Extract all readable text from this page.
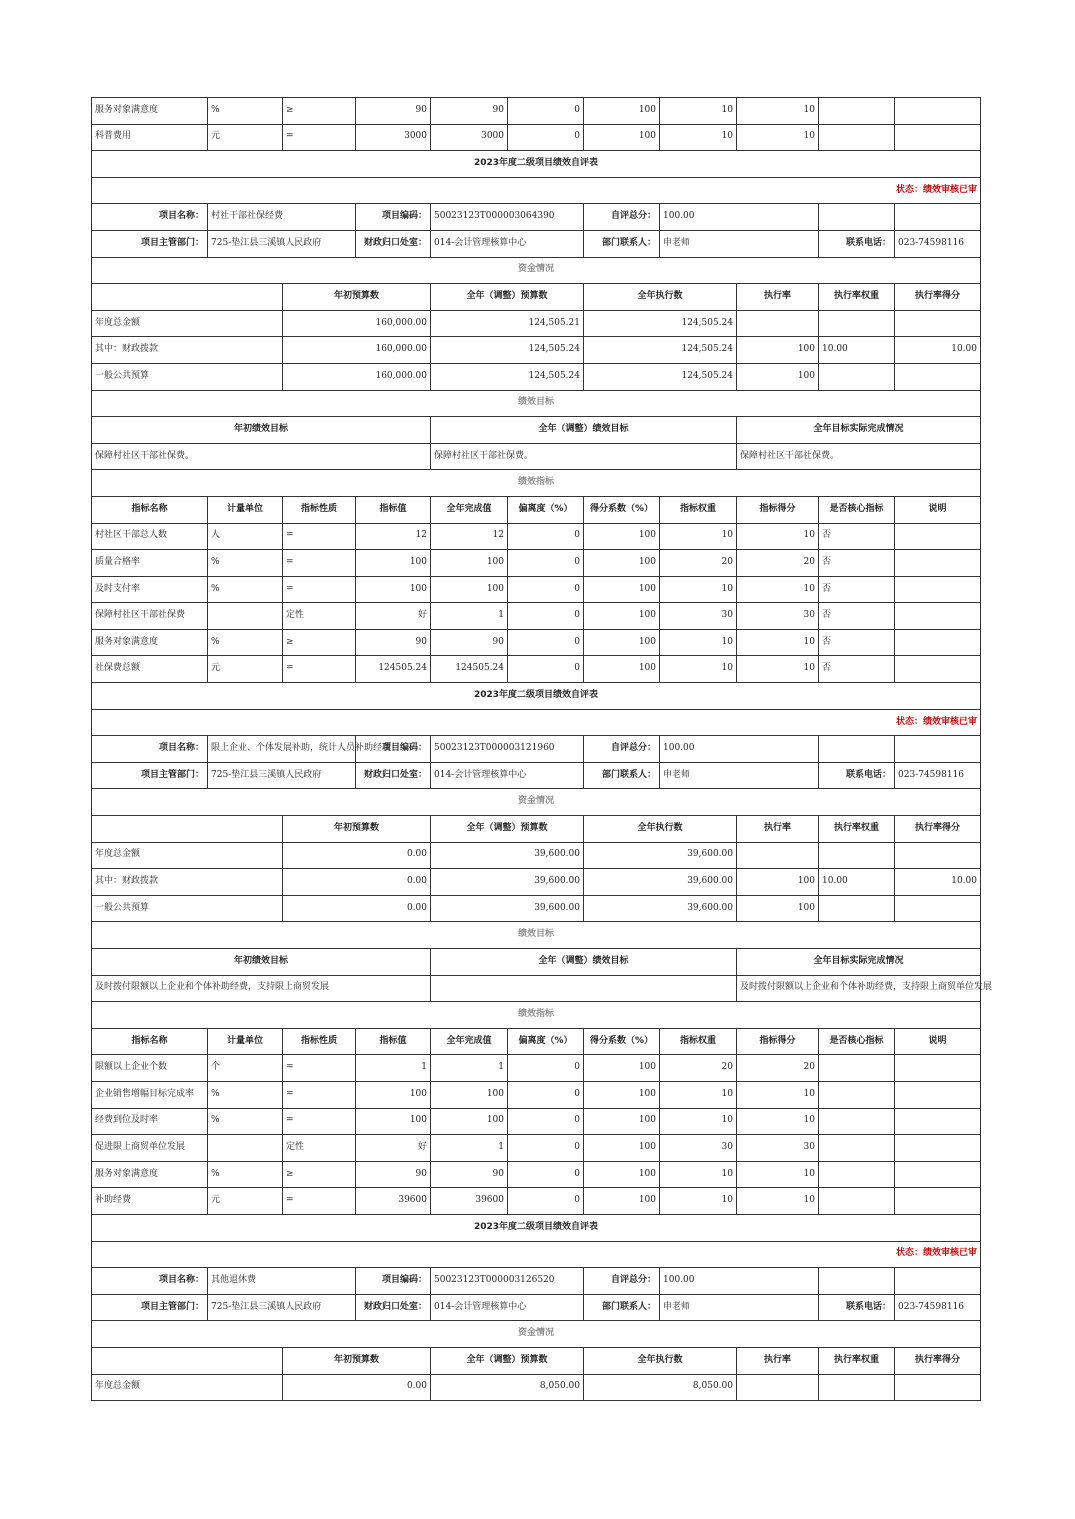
服务对象满意度	%	≥	90	90	0	100	10	10		
科普费用	元	=	3000	3000	0	100	10	10		
2023年度二级项目绩效自评表										
状态：绩效审核已审										
项目名称：	村社干部社保经费		项目编码：	50023123T000003064390		自评总分：	100.00			
项目主管部门：	725-垫江县三溪镇人民政府		财政归口处室：	014-会计管理核算中心		部门联系人：	申老师		联系电话：	023-74598116
资金情况										
		年初预算数		全年（调整）预算数		全年执行数		执行率	执行率权重	执行率得分
年度总金额		160,000.00		124,505.21		124,505.24				
其中：财政拨款		160,000.00		124,505.24		124,505.24		100	10.00	10.00
一般公共预算		160,000.00		124,505.24		124,505.24		100		
绩效目标										
年初绩效目标				全年（调整）绩效目标				全年目标实际完成情况		
保障村社区干部社保费。				保障村社区干部社保费。				保障村社区干部社保费。		
绩效指标										
指标名称	计量单位	指标性质	指标值	全年完成值	偏离度（%）	得分系数（%）	指标权重	指标得分	是否核心指标	说明
村社区干部总人数	人	=	12	12	0	100	10	10	否	
质量合格率	%	=	100	100	0	100	20	20	否	
及时支付率	%	=	100	100	0	100	10	10	否	
保障村社区干部社保费		定性	好	1	0	100	30	30	否	
服务对象满意度	%	≥	90	90	0	100	10	10	否	
社保费总额	元	=	124505.24	124505.24	0	100	10	10	否	
2023年度二级项目绩效自评表										
状态：绩效审核已审										
项目名称：	限上企业、个体发展补助，统计人员补助经费		项目编码：	50023123T000003121960		自评总分：	100.00			
项目主管部门：	725-垫江县三溪镇人民政府		财政归口处室：	014-会计管理核算中心		部门联系人：	申老师		联系电话：	023-74598116
资金情况										
		年初预算数		全年（调整）预算数		全年执行数		执行率	执行率权重	执行率得分
年度总金额		0.00		39,600.00		39,600.00				
其中：财政拨款		0.00		39,600.00		39,600.00		100	10.00	10.00
一般公共预算		0.00		39,600.00		39,600.00		100		
绩效目标										
年初绩效目标				全年（调整）绩效目标				全年目标实际完成情况		
及时拨付限额以上企业和个体补助经费，支持限上商贸发展								及时拨付限额以上企业和个体补助经费，支持限上商贸单位发展		
绩效指标										
指标名称	计量单位	指标性质	指标值	全年完成值	偏离度（%）	得分系数（%）	指标权重	指标得分	是否核心指标	说明
限额以上企业个数	个	=	1	1	0	100	20	20		
企业销售增幅目标完成率	%	=	100	100	0	100	10	10		
经费到位及时率	%	=	100	100	0	100	10	10		
促进限上商贸单位发展		定性	好	1	0	100	30	30		
服务对象满意度	%	≥	90	90	0	100	10	10		
补助经费	元	=	39600	39600	0	100	10	10		
2023年度二级项目绩效自评表										
状态：绩效审核已审										
项目名称：	其他退休费		项目编码：	50023123T000003126520		自评总分：	100.00			
项目主管部门：	725-垫江县三溪镇人民政府		财政归口处室：	014-会计管理核算中心		部门联系人：	申老师		联系电话：	023-74598116
资金情况										
		年初预算数		全年（调整）预算数		全年执行数		执行率	执行率权重	执行率得分
年度总金额		0.00		8,050.00		8,050.00				
